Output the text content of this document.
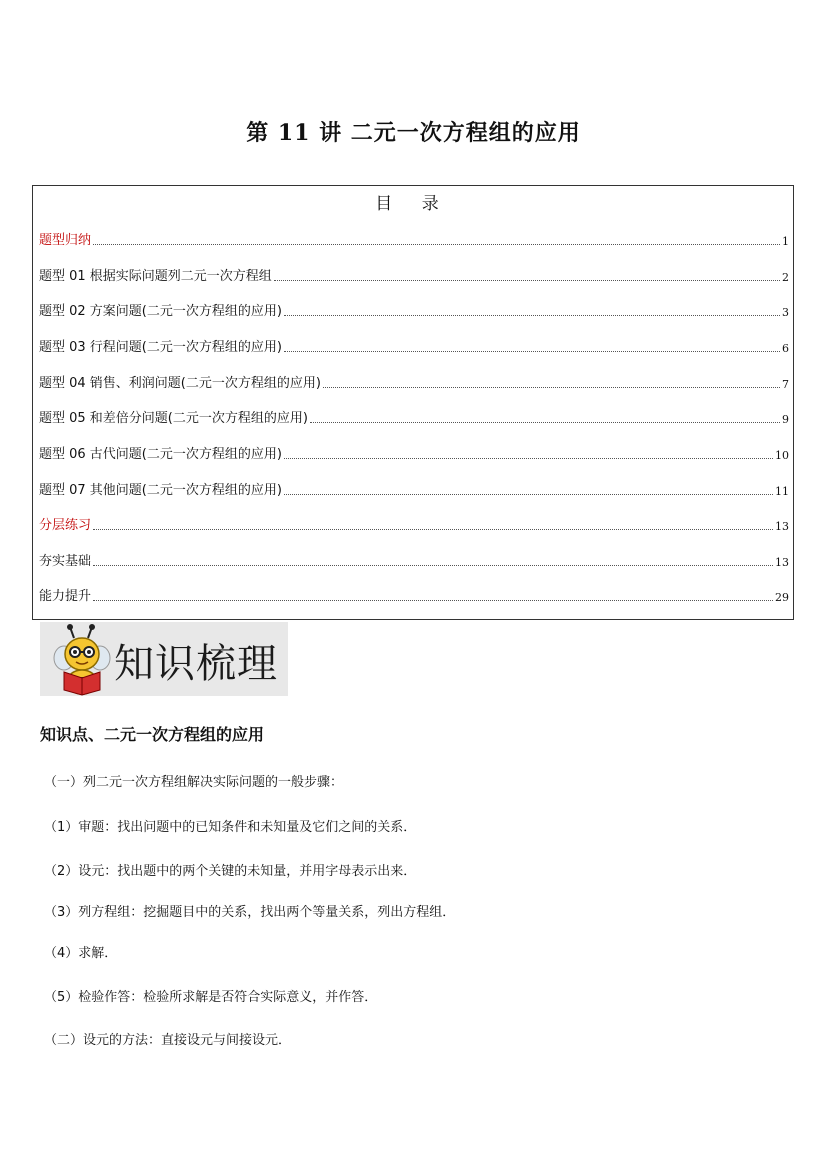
第 11 讲 二元一次方程组的应用
目 录
题型归纳	1
题型 01 根据实际问题列二元一次方程组	2
题型 02 方案问题(二元一次方程组的应用)	3
题型 03 行程问题(二元一次方程组的应用)	6
题型 04 销售、利润问题(二元一次方程组的应用)	7
题型 05 和差倍分问题(二元一次方程组的应用)	9
题型 06 古代问题(二元一次方程组的应用)	10
题型 07 其他问题(二元一次方程组的应用)	11
分层练习	13
夯实基础	13
能力提升	29
知识梳理
知识点、二元一次方程组的应用
（一）列二元一次方程组解决实际问题的一般步骤：
（1）审题：找出问题中的已知条件和未知量及它们之间的关系．
（2）设元：找出题中的两个关键的未知量，并用字母表示出来．
（3）列方程组：挖掘题目中的关系，找出两个等量关系，列出方程组．
（4）求解．
（5）检验作答：检验所求解是否符合实际意义，并作答．
（二）设元的方法：直接设元与间接设元．
